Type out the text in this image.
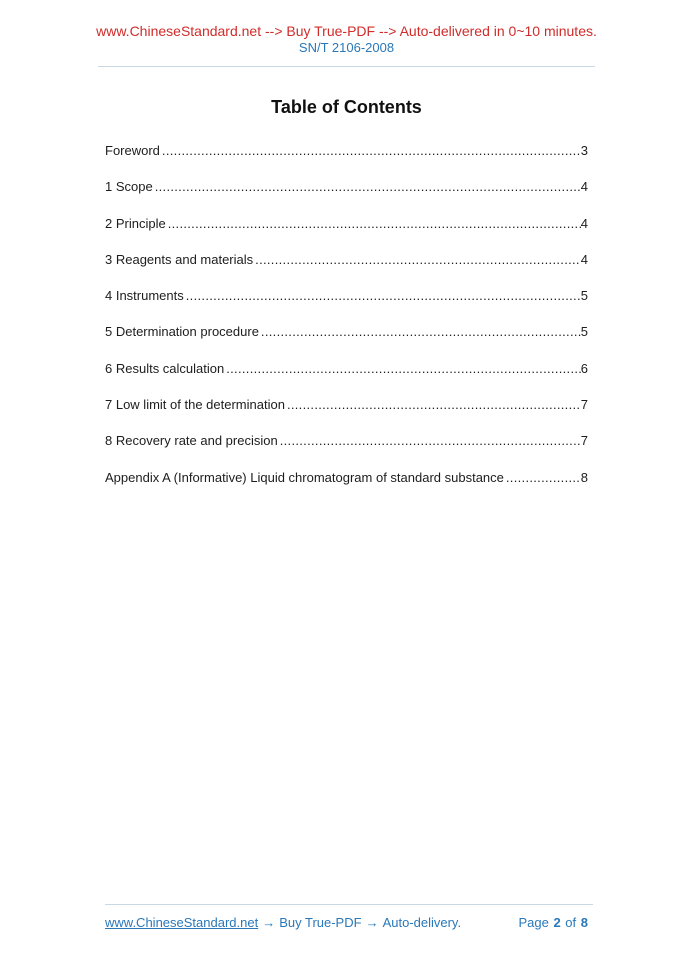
www.ChineseStandard.net --> Buy True-PDF --> Auto-delivered in 0~10 minutes.
SN/T 2106-2008
Table of Contents
Foreword .....	3
1 Scope .....	4
2 Principle .....	4
3 Reagents and materials .....	4
4 Instruments .....	5
5 Determination procedure .....	5
6 Results calculation .....	6
7 Low limit of the determination .....	7
8 Recovery rate and precision .....	7
Appendix A (Informative) Liquid chromatogram of standard substance .....	8
www.ChineseStandard.net → Buy True-PDF → Auto-delivery.	Page 2 of 8
